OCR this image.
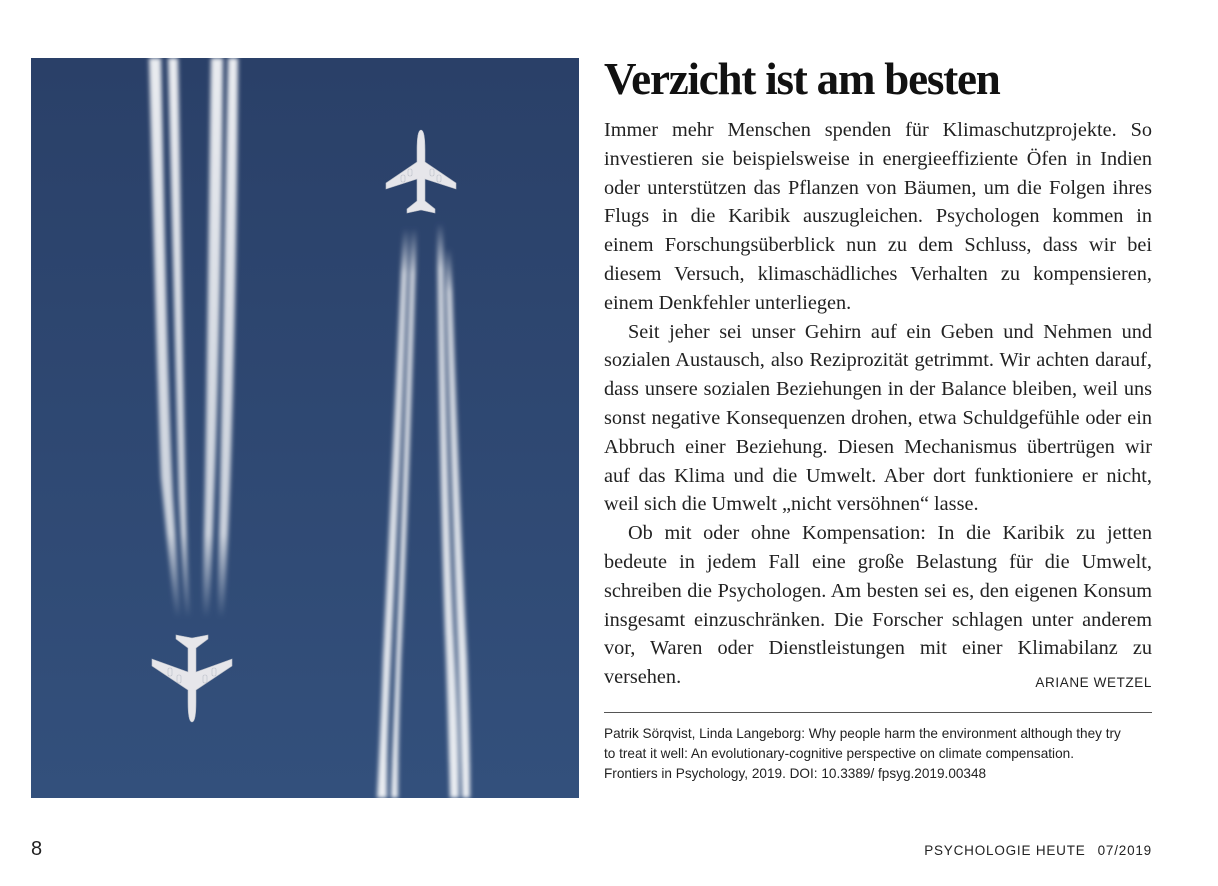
Verzicht ist am besten

Immer mehr Menschen spenden für Klimaschutzprojekte. So investieren sie beispielsweise in energieeffiziente Öfen in Indien oder unterstützen das Pflanzen von Bäumen, um die Folgen ihres Flugs in die Karibik auszugleichen. Psychologen kommen in einem Forschungsüberblick nun zu dem Schluss, dass wir bei diesem Versuch, klimaschädliches Verhalten zu kompensieren, einem Denkfehler unterliegen.

Seit jeher sei unser Gehirn auf ein Geben und Nehmen und sozialen Austausch, also Reziprozität getrimmt. Wir achten darauf, dass unsere sozialen Beziehungen in der Balance bleiben, weil uns sonst negative Konsequenzen drohen, etwa Schuldgefühle oder ein Abbruch einer Beziehung. Diesen Mechanismus übertrügen wir auf das Klima und die Umwelt. Aber dort funktioniere er nicht, weil sich die Umwelt „nicht versöhnen“ lasse.

Ob mit oder ohne Kompensation: In die Karibik zu jetten bedeute in jedem Fall eine große Belastung für die Umwelt, schreiben die Psychologen. Am besten sei es, den eigenen Konsum insgesamt einzuschränken. Die Forscher schlagen unter anderem vor, Waren oder Dienstleistungen mit einer Klimabilanz zu versehen.	ARIANE WETZEL

Patrik Sörqvist, Linda Langeborg: Why people harm the environment although they try to treat it well: An evolutionary-cognitive perspective on climate compensation. Frontiers in Psychology, 2019. DOI: 10.3389/ fpsyg.2019.00348
8	PSYCHOLOGIE HEUTE 07/2019
